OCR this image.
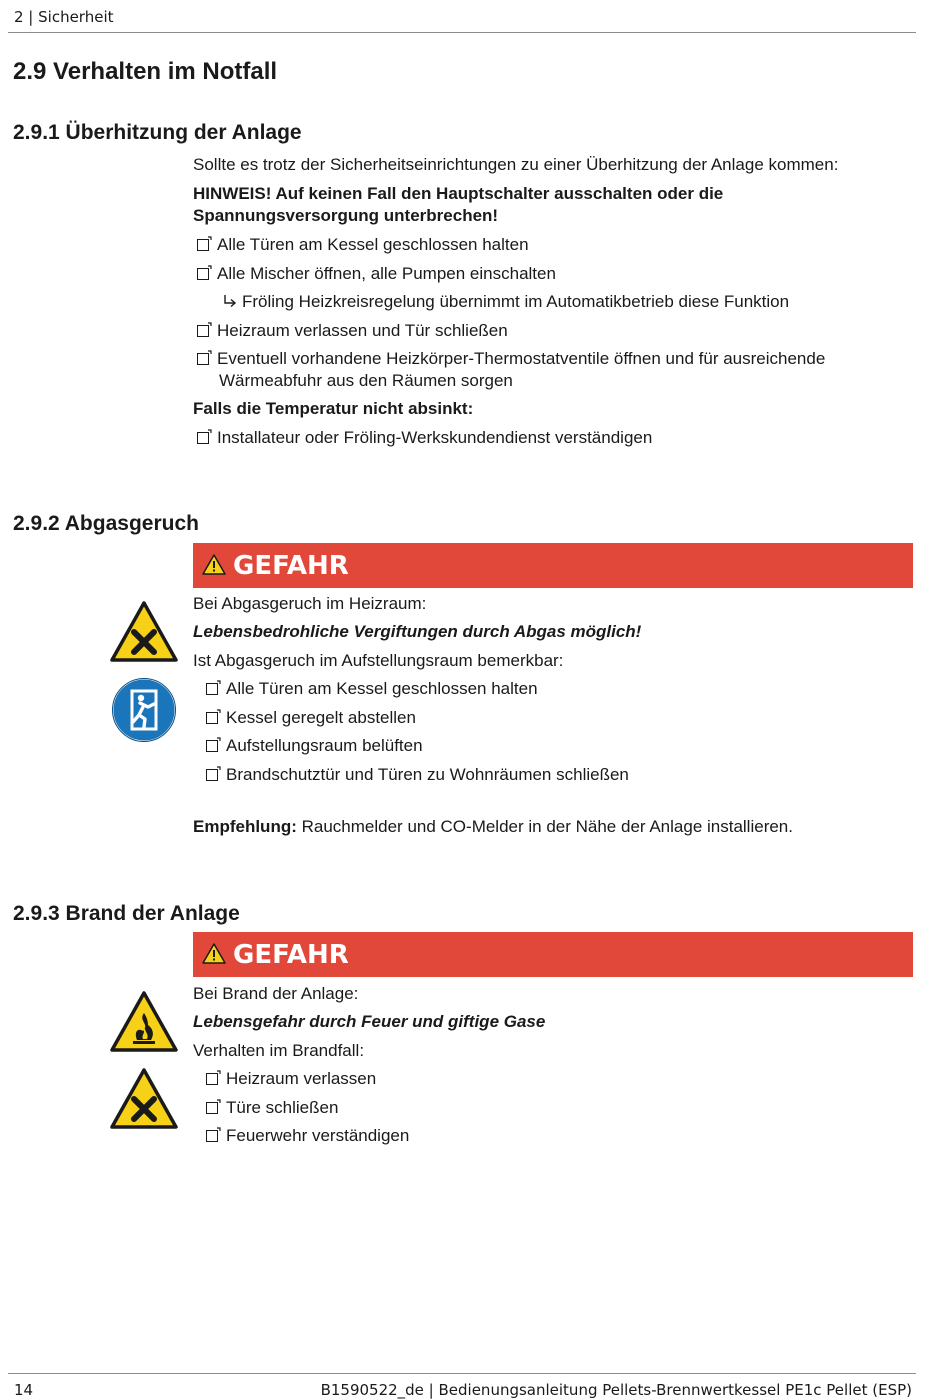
2 | Sicherheit
2.9 Verhalten im Notfall
2.9.1 Überhitzung der Anlage
Sollte es trotz der Sicherheitseinrichtungen zu einer Überhitzung der Anlage kommen:
HINWEIS! Auf keinen Fall den Hauptschalter ausschalten oder die
Spannungsversorgung unterbrechen!
Alle Türen am Kessel geschlossen halten
Alle Mischer öffnen, alle Pumpen einschalten
Fröling Heizkreisregelung übernimmt im Automatikbetrieb diese Funktion
Heizraum verlassen und Tür schließen
Eventuell vorhandene Heizkörper-Thermostatventile öffnen und für ausreichende
Wärmeabfuhr aus den Räumen sorgen
Falls die Temperatur nicht absinkt:
Installateur oder Fröling-Werkskundendienst verständigen
2.9.2 Abgasgeruch
GEFAHR
Bei Abgasgeruch im Heizraum:
Lebensbedrohliche Vergiftungen durch Abgas möglich!
Ist Abgasgeruch im Aufstellungsraum bemerkbar:
Alle Türen am Kessel geschlossen halten
Kessel geregelt abstellen
Aufstellungsraum belüften
Brandschutztür und Türen zu Wohnräumen schließen
Empfehlung: Rauchmelder und CO-Melder in der Nähe der Anlage installieren.
2.9.3 Brand der Anlage
GEFAHR
Bei Brand der Anlage:
Lebensgefahr durch Feuer und giftige Gase
Verhalten im Brandfall:
Heizraum verlassen
Türe schließen
Feuerwehr verständigen
14	B1590522_de | Bedienungsanleitung Pellets-Brennwertkessel PE1c Pellet (ESP)
